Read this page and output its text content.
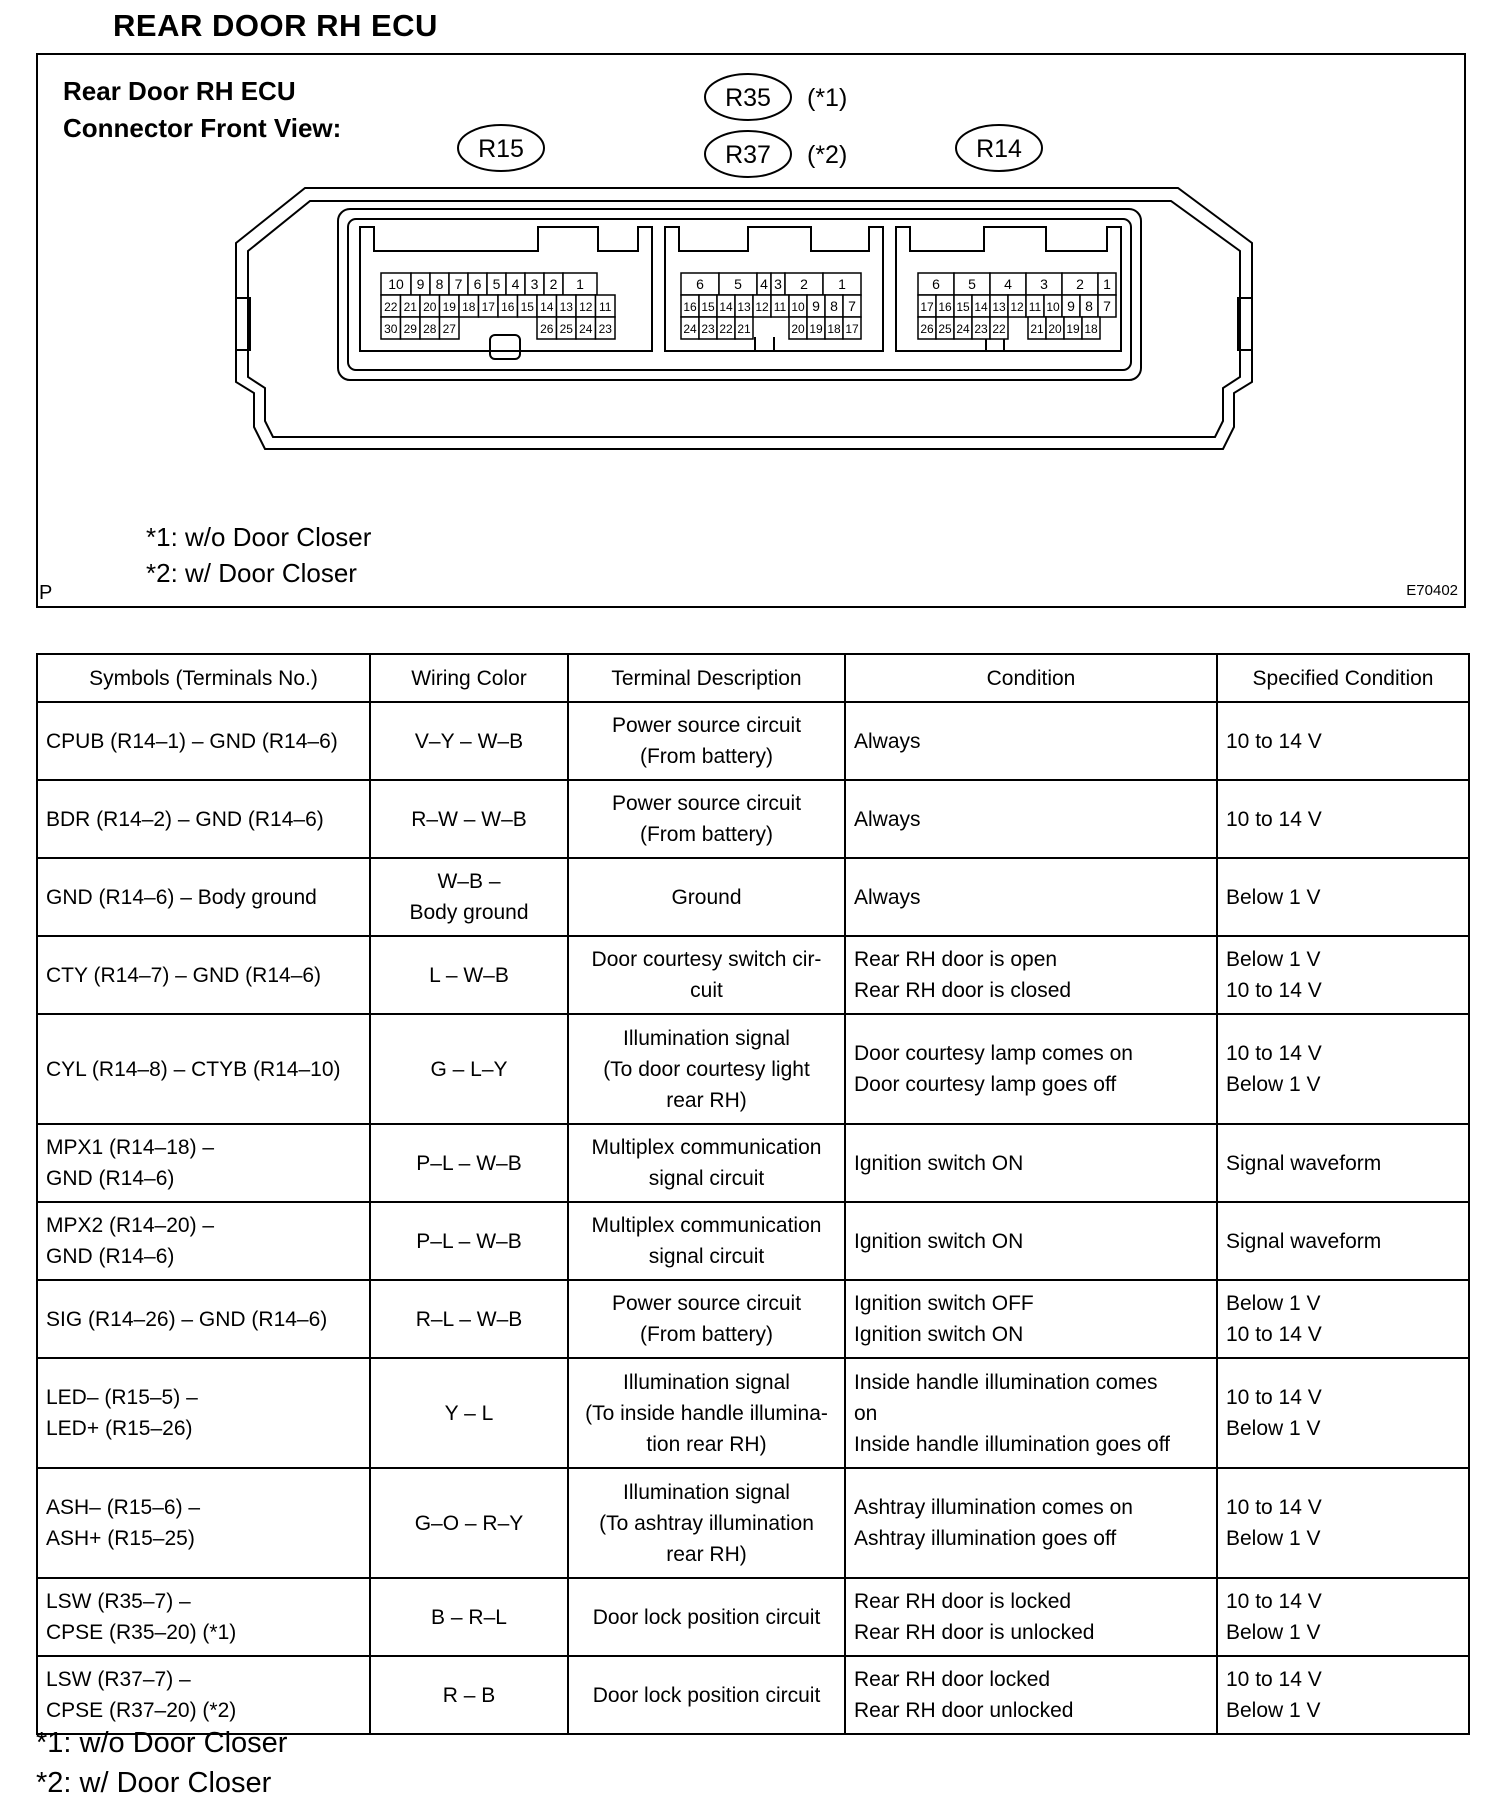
REAR DOOR RH ECU
R15
R35 (*1)
R37 (*2)	R14
10 9 8 7 6 5 4 3 2 1
22 21 20 19 18 17 16 15 14 13 12 11
30 29 28 27	26 25 24 23
6 5 4 3 2 1
16 15 14 13 12 11 10 9 8 7
24 23 22 21	20 19 18 17
6 5 4 3 2 1
17 16 15 14 13 12 11 10 9 8 7
26 25 24 23 22 21 20 19 18
Rear Door RH ECU
Connector Front View:
*1: w/o Door Closer
*2: w/ Door Closer
P	E70402
Symbols (Terminals No.)	Wiring Color	Terminal Description	Condition	Specified Condition

CPUB (R14–1) – GND (R14–6)	V–Y – W–B	Power source circuit
(From battery)	Always	10 to 14 V

BDR (R14–2) – GND (R14–6)	R–W – W–B	Power source circuit
(From battery)	Always	10 to 14 V

GND (R14–6) – Body ground	W–B –
Body ground	Ground	Always	Below 1 V

CTY (R14–7) – GND (R14–6)	L – W–B	Door courtesy switch cir-
cuit	Rear RH door is open
Rear RH door is closed	Below 1 V
10 to 14 V

CYL (R14–8) – CTYB (R14–10)	G – L–Y	Illumination signal
(To door courtesy light
rear RH)	Door courtesy lamp comes on
Door courtesy lamp goes off	10 to 14 V
Below 1 V

MPX1 (R14–18) –
GND (R14–6)	P–L – W–B	Multiplex communication
signal circuit	Ignition switch ON	Signal waveform

MPX2 (R14–20) –
GND (R14–6)	P–L – W–B	Multiplex communication
signal circuit	Ignition switch ON	Signal waveform

SIG (R14–26) – GND (R14–6)	R–L – W–B	Power source circuit
(From battery)	Ignition switch OFF
Ignition switch ON	Below 1 V
10 to 14 V

LED– (R15–5) –
LED+ (R15–26)	Y – L	Illumination signal
(To inside handle illumina-
tion rear RH)	Inside handle illumination comes
on
Inside handle illumination goes off	10 to 14 V
Below 1 V

ASH– (R15–6) –
ASH+ (R15–25)	G–O – R–Y	Illumination signal
(To ashtray illumination
rear RH)	Ashtray illumination comes on
Ashtray illumination goes off	10 to 14 V
Below 1 V

LSW (R35–7) –
CPSE (R35–20) (*1)	B – R–L	Door lock position circuit	Rear RH door is locked
Rear RH door is unlocked	10 to 14 V
Below 1 V

LSW (R37–7) –
CPSE (R37–20) (*2)	R – B	Door lock position circuit	Rear RH door locked
Rear RH door unlocked	10 to 14 V
Below 1 V
*1: w/o Door Closer
*2: w/ Door Closer
